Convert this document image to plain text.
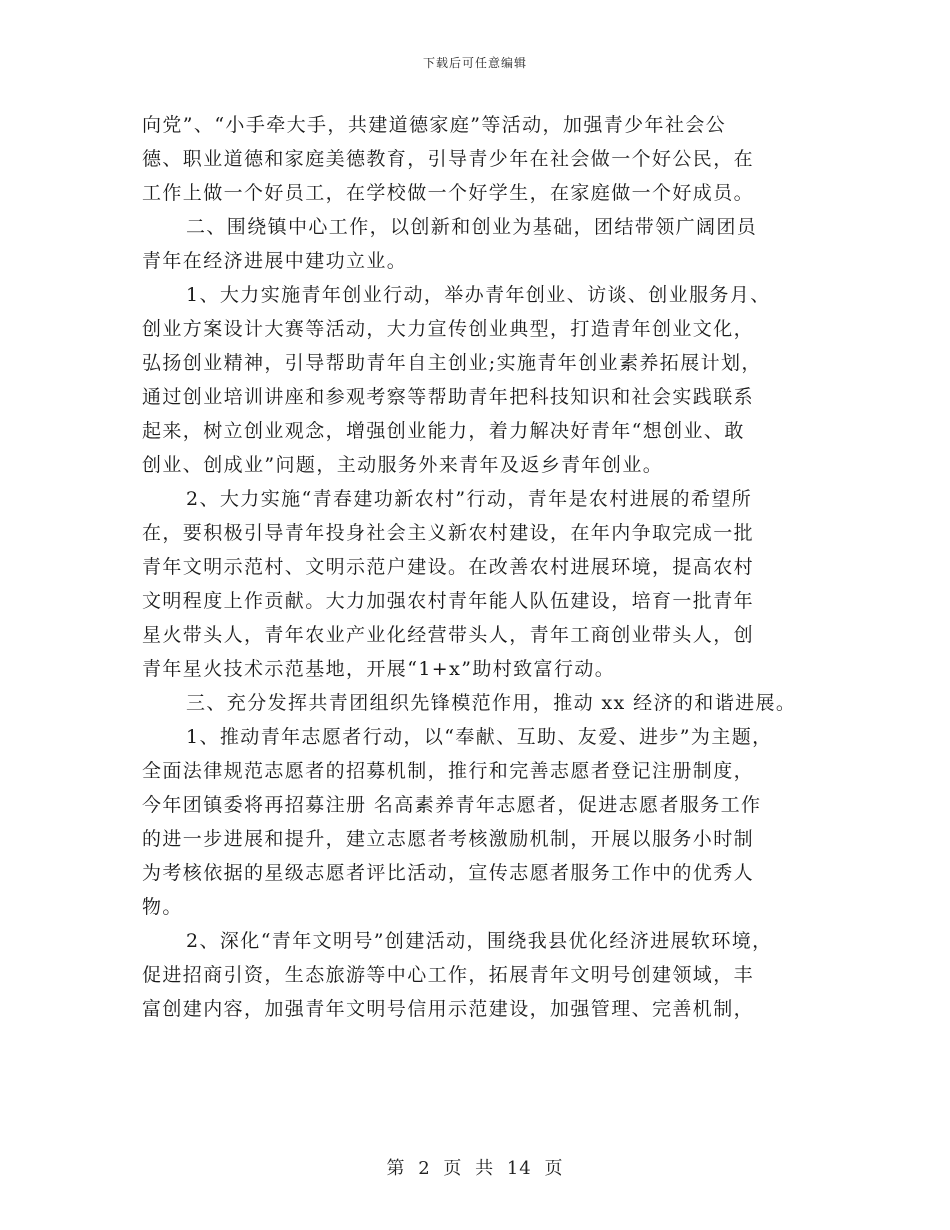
下载后可任意编辑
向党”、“小手牵大手，共建道德家庭”等活动，加强青少年社会公
德、职业道德和家庭美德教育，引导青少年在社会做一个好公民，在
工作上做一个好员工，在学校做一个好学生，在家庭做一个好成员。
二、围绕镇中心工作，以创新和创业为基础，团结带领广阔团员
青年在经济进展中建功立业。
1、大力实施青年创业行动，举办青年创业、访谈、创业服务月、
创业方案设计大赛等活动，大力宣传创业典型，打造青年创业文化，
弘扬创业精神，引导帮助青年自主创业;实施青年创业素养拓展计划，
通过创业培训讲座和参观考察等帮助青年把科技知识和社会实践联系
起来，树立创业观念，增强创业能力，着力解决好青年“想创业、敢
创业、创成业”问题，主动服务外来青年及返乡青年创业。
2、大力实施“青春建功新农村”行动，青年是农村进展的希望所
在，要积极引导青年投身社会主义新农村建设，在年内争取完成一批
青年文明示范村、文明示范户建设。在改善农村进展环境，提高农村
文明程度上作贡献。大力加强农村青年能人队伍建设，培育一批青年
星火带头人，青年农业产业化经营带头人，青年工商创业带头人，创
青年星火技术示范基地，开展“1+x”助村致富行动。
三、充分发挥共青团组织先锋模范作用，推动 xx 经济的和谐进展。
1、推动青年志愿者行动，以“奉献、互助、友爱、进步”为主题，
全面法律规范志愿者的招募机制，推行和完善志愿者登记注册制度，
今年团镇委将再招募注册 名高素养青年志愿者，促进志愿者服务工作
的进一步进展和提升，建立志愿者考核激励机制，开展以服务小时制
为考核依据的星级志愿者评比活动，宣传志愿者服务工作中的优秀人
物。
2、深化“青年文明号”创建活动，围绕我县优化经济进展软环境，
促进招商引资，生态旅游等中心工作，拓展青年文明号创建领域，丰
富创建内容，加强青年文明号信用示范建设，加强管理、完善机制，
第 2 页 共 14 页
